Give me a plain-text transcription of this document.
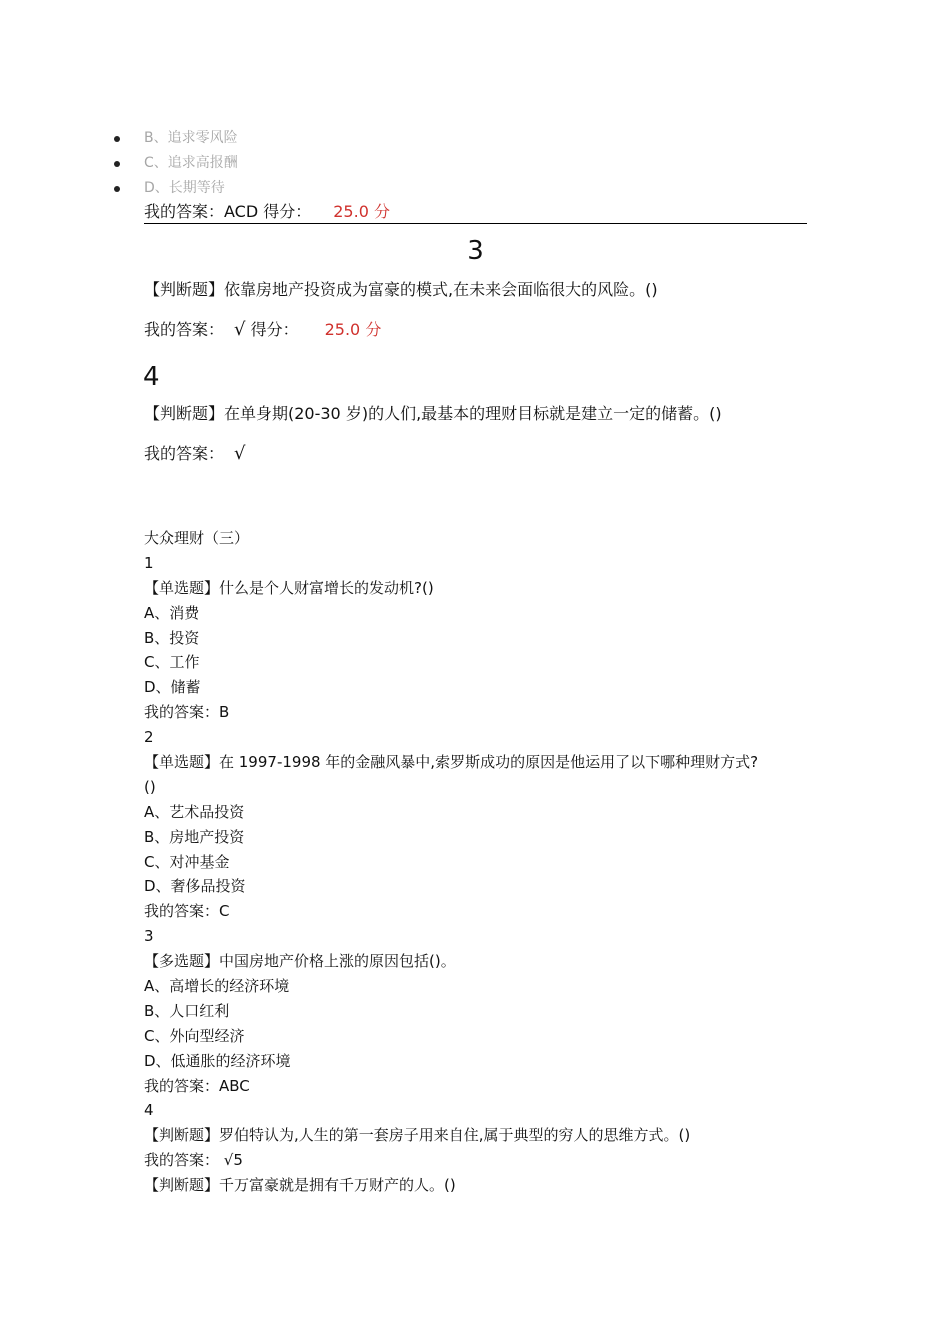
B、追求零风险
C、追求高报酬
D、长期等待
我的答案：ACD 得分： 25.0 分
3
【判断题】依靠房地产投资成为富豪的模式,在未来会面临很大的风险。()
我的答案： √ 得分： 25.0 分
4
【判断题】在单身期(20-30 岁)的人们,最基本的理财目标就是建立一定的储蓄。()
我的答案： √
大众理财（三）
1
【单选题】什么是个人财富增长的发动机?()
A、消费
B、投资
C、工作
D、储蓄
我的答案：B
2
【单选题】在 1997-1998 年的金融风暴中,索罗斯成功的原因是他运用了以下哪种理财方式?
()
A、艺术品投资
B、房地产投资
C、对冲基金
D、奢侈品投资
我的答案：C
3
【多选题】中国房地产价格上涨的原因包括()。
A、高增长的经济环境
B、人口红利
C、外向型经济
D、低通胀的经济环境
我的答案：ABC
4
【判断题】罗伯特认为,人生的第一套房子用来自住,属于典型的穷人的思维方式。()
我的答案： √5
【判断题】千万富豪就是拥有千万财产的人。()
